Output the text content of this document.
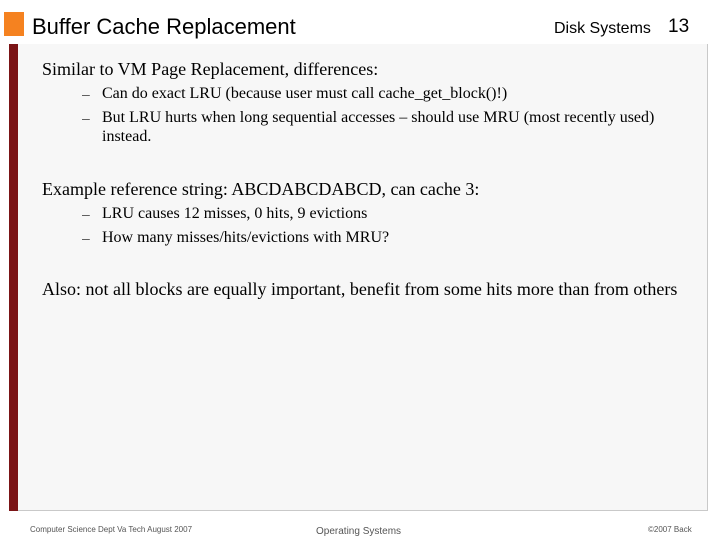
Buffer Cache Replacement	Disk Systems 13
Similar to VM Page Replacement, differences:
– Can do exact LRU (because user must call cache_get_block()!)
– But LRU hurts when long sequential accesses – should use MRU (most recently used) instead.
Example reference string: ABCDABCDABCD, can cache 3:
– LRU causes 12 misses, 0 hits, 9 evictions
– How many misses/hits/evictions with MRU?
Also: not all blocks are equally important, benefit from some hits more than from others
Computer Science Dept Va Tech August 2007	Operating Systems	©2007 Back
